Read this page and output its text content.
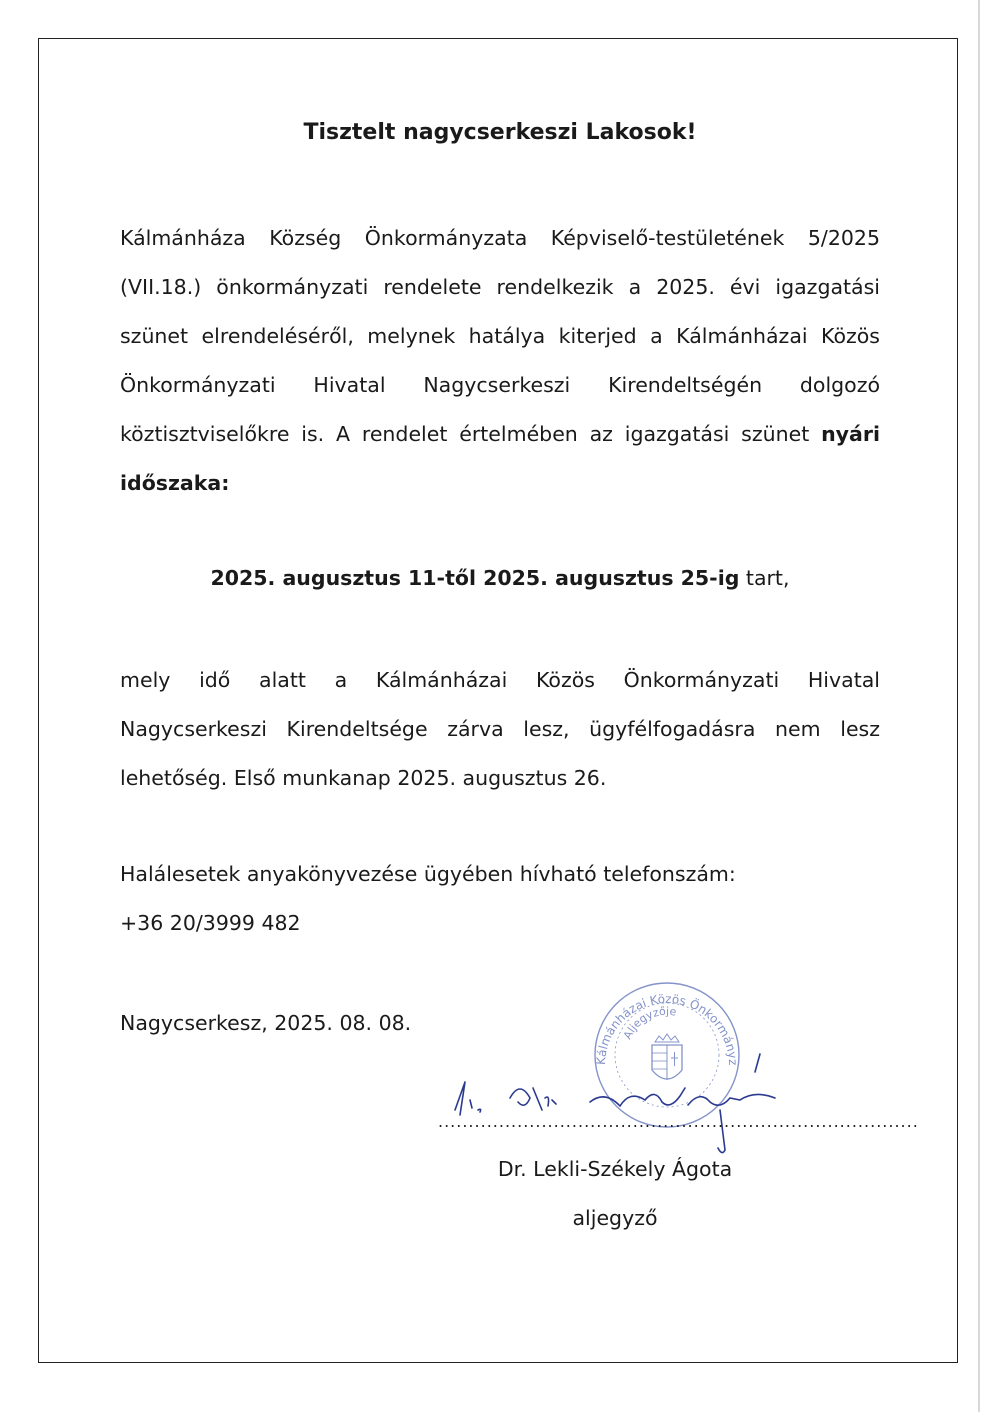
Tisztelt nagycserkeszi Lakosok!
Kálmánháza Község Önkormányzata Képviselő-testületének 5/2025
(VII.18.) önkormányzati rendelete rendelkezik a 2025. évi igazgatási
szünet elrendeléséről, melynek hatálya kiterjed a Kálmánházai Közös
Önkormányzati Hivatal Nagycserkeszi Kirendeltségén dolgozó
köztisztviselőkre is. A rendelet értelmében az igazgatási szünet nyári
időszaka:
2025. augusztus 11-től 2025. augusztus 25-ig tart,
mely idő alatt a Kálmánházai Közös Önkormányzati Hivatal
Nagycserkeszi Kirendeltsége zárva lesz, ügyfélfogadásra nem lesz
lehetőség. Első munkanap 2025. augusztus 26.
Halálesetek anyakönyvezése ügyében hívható telefonszám:
+36 20/3999 482
Nagycserkesz, 2025. 08. 08.
Kálmánházai Közös Önkormányz
Aljegyzője
...............................................................................
Dr. Lekli-Székely Ágota
aljegyző
